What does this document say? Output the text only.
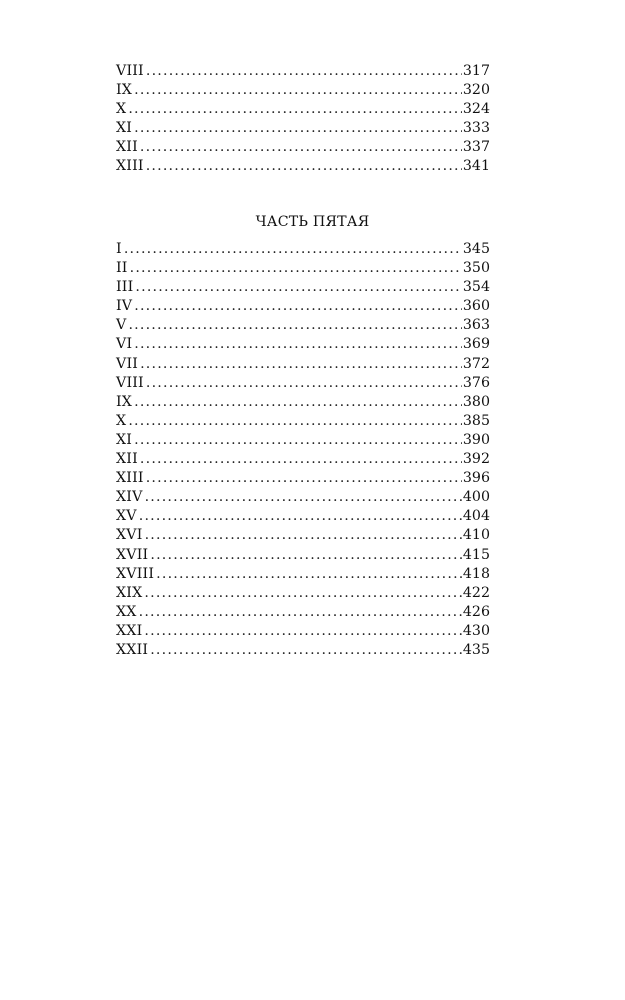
VIII .....	317
IX .....	320
X .....	324
XI .....	333
XII .....	337
XIII .....	341
ЧАСТЬ ПЯТАЯ
I .....	345
II .....	350
III .....	354
IV .....	360
V .....	363
VI .....	369
VII .....	372
VIII .....	376
IX .....	380
X .....	385
XI .....	390
XII .....	392
XIII .....	396
XIV .....	400
XV .....	404
XVI .....	410
XVII .....	415
XVIII .....	418
XIX .....	422
XX .....	426
XXI .....	430
XXII .....	435
